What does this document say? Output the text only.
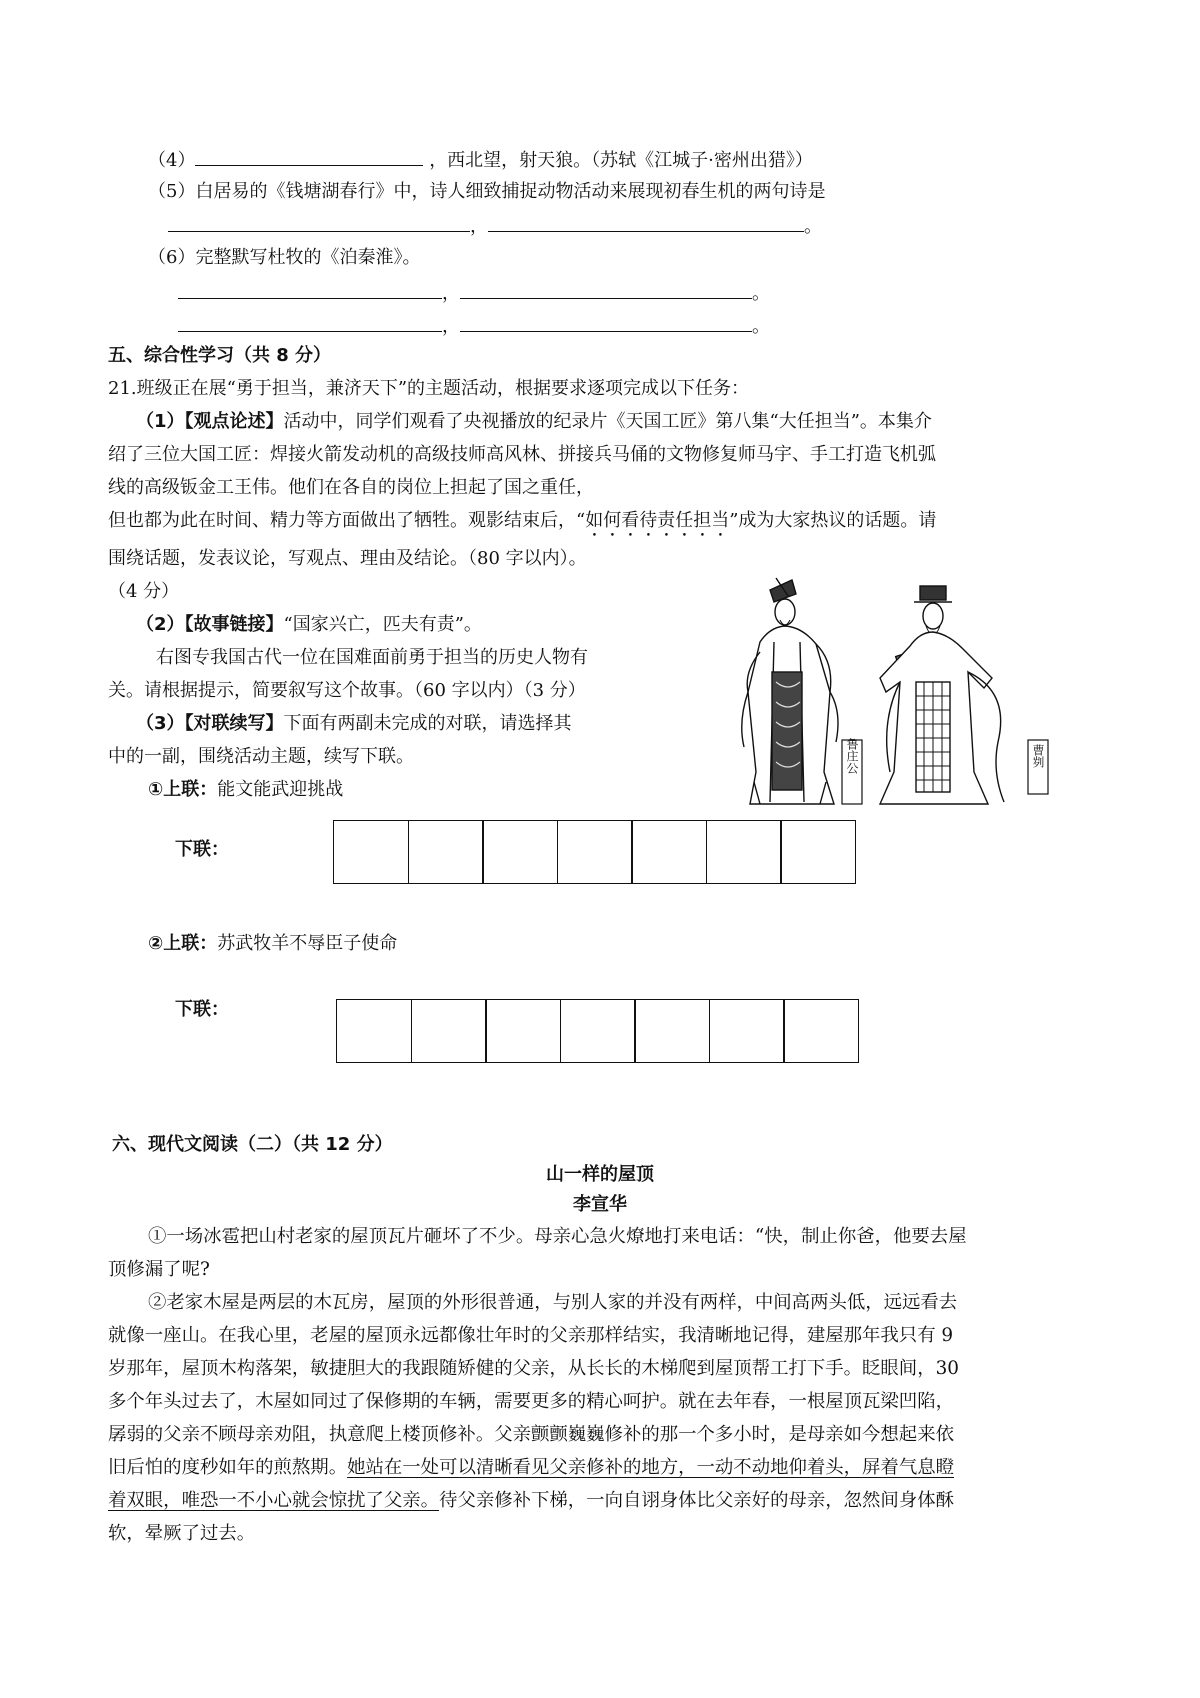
（4）	，西北望，射天狼。（苏轼《江城子·密州出猎》）
（5）白居易的《钱塘湖春行》中，诗人细致捕捉动物活动来展现初春生机的两句诗是
，	。
（6）完整默写杜牧的《泊秦淮》。
，	。
，	。
五、综合性学习（共 8 分）
21.班级正在展“勇于担当，兼济天下”的主题活动，根据要求逐项完成以下任务：
（1）【观点论述】活动中，同学们观看了央视播放的纪录片《天国工匠》第八集“大任担当”。本集介
绍了三位大国工匠：焊接火箭发动机的高级技师高风林、拼接兵马俑的文物修复师马宇、手工打造飞机弧
线的高级钣金工王伟。他们在各自的岗位上担起了国之重任，
但也都为此在时间、精力等方面做出了牺牲。观影结束后，“如何看待责任担当”成为大家热议的话题。请
围绕话题，发表议论，写观点、理由及结论。（80 字以内）。
（4 分）
（2）【故事链接】“国家兴亡，匹夫有责”。
右图专我国古代一位在国难面前勇于担当的历史人物有
关。请根据提示，简要叙写这个故事。（60 字以内）（3 分）
（3）【对联续写】下面有两副未完成的对联，请选择其
中的一副，围绕活动主题，续写下联。
①上联：能文能武迎挑战
下联：
②上联：苏武牧羊不辱臣子使命
下联：
鲁庄公	曹刿
六、现代文阅读（二）（共 12 分）
山一样的屋顶
李宣华
①一场冰雹把山村老家的屋顶瓦片砸坏了不少。母亲心急火燎地打来电话：“快，制止你爸，他要去屋
顶修漏了呢?
②老家木屋是两层的木瓦房，屋顶的外形很普通，与别人家的并没有两样，中间高两头低，远远看去
就像一座山。在我心里，老屋的屋顶永远都像壮年时的父亲那样结实，我清晰地记得，建屋那年我只有 9
岁那年，屋顶木构落架，敏捷胆大的我跟随矫健的父亲，从长长的木梯爬到屋顶帮工打下手。眨眼间，30
多个年头过去了，木屋如同过了保修期的车辆，需要更多的精心呵护。就在去年春，一根屋顶瓦梁凹陷，
孱弱的父亲不顾母亲劝阻，执意爬上楼顶修补。父亲颤颤巍巍修补的那一个多小时，是母亲如今想起来依
旧后怕的度秒如年的煎熬期。她站在一处可以清晰看见父亲修补的地方，一动不动地仰着头，屏着气息瞪
着双眼，唯恐一不小心就会惊扰了父亲。待父亲修补下梯，一向自诩身体比父亲好的母亲，忽然间身体酥
软，晕厥了过去。
